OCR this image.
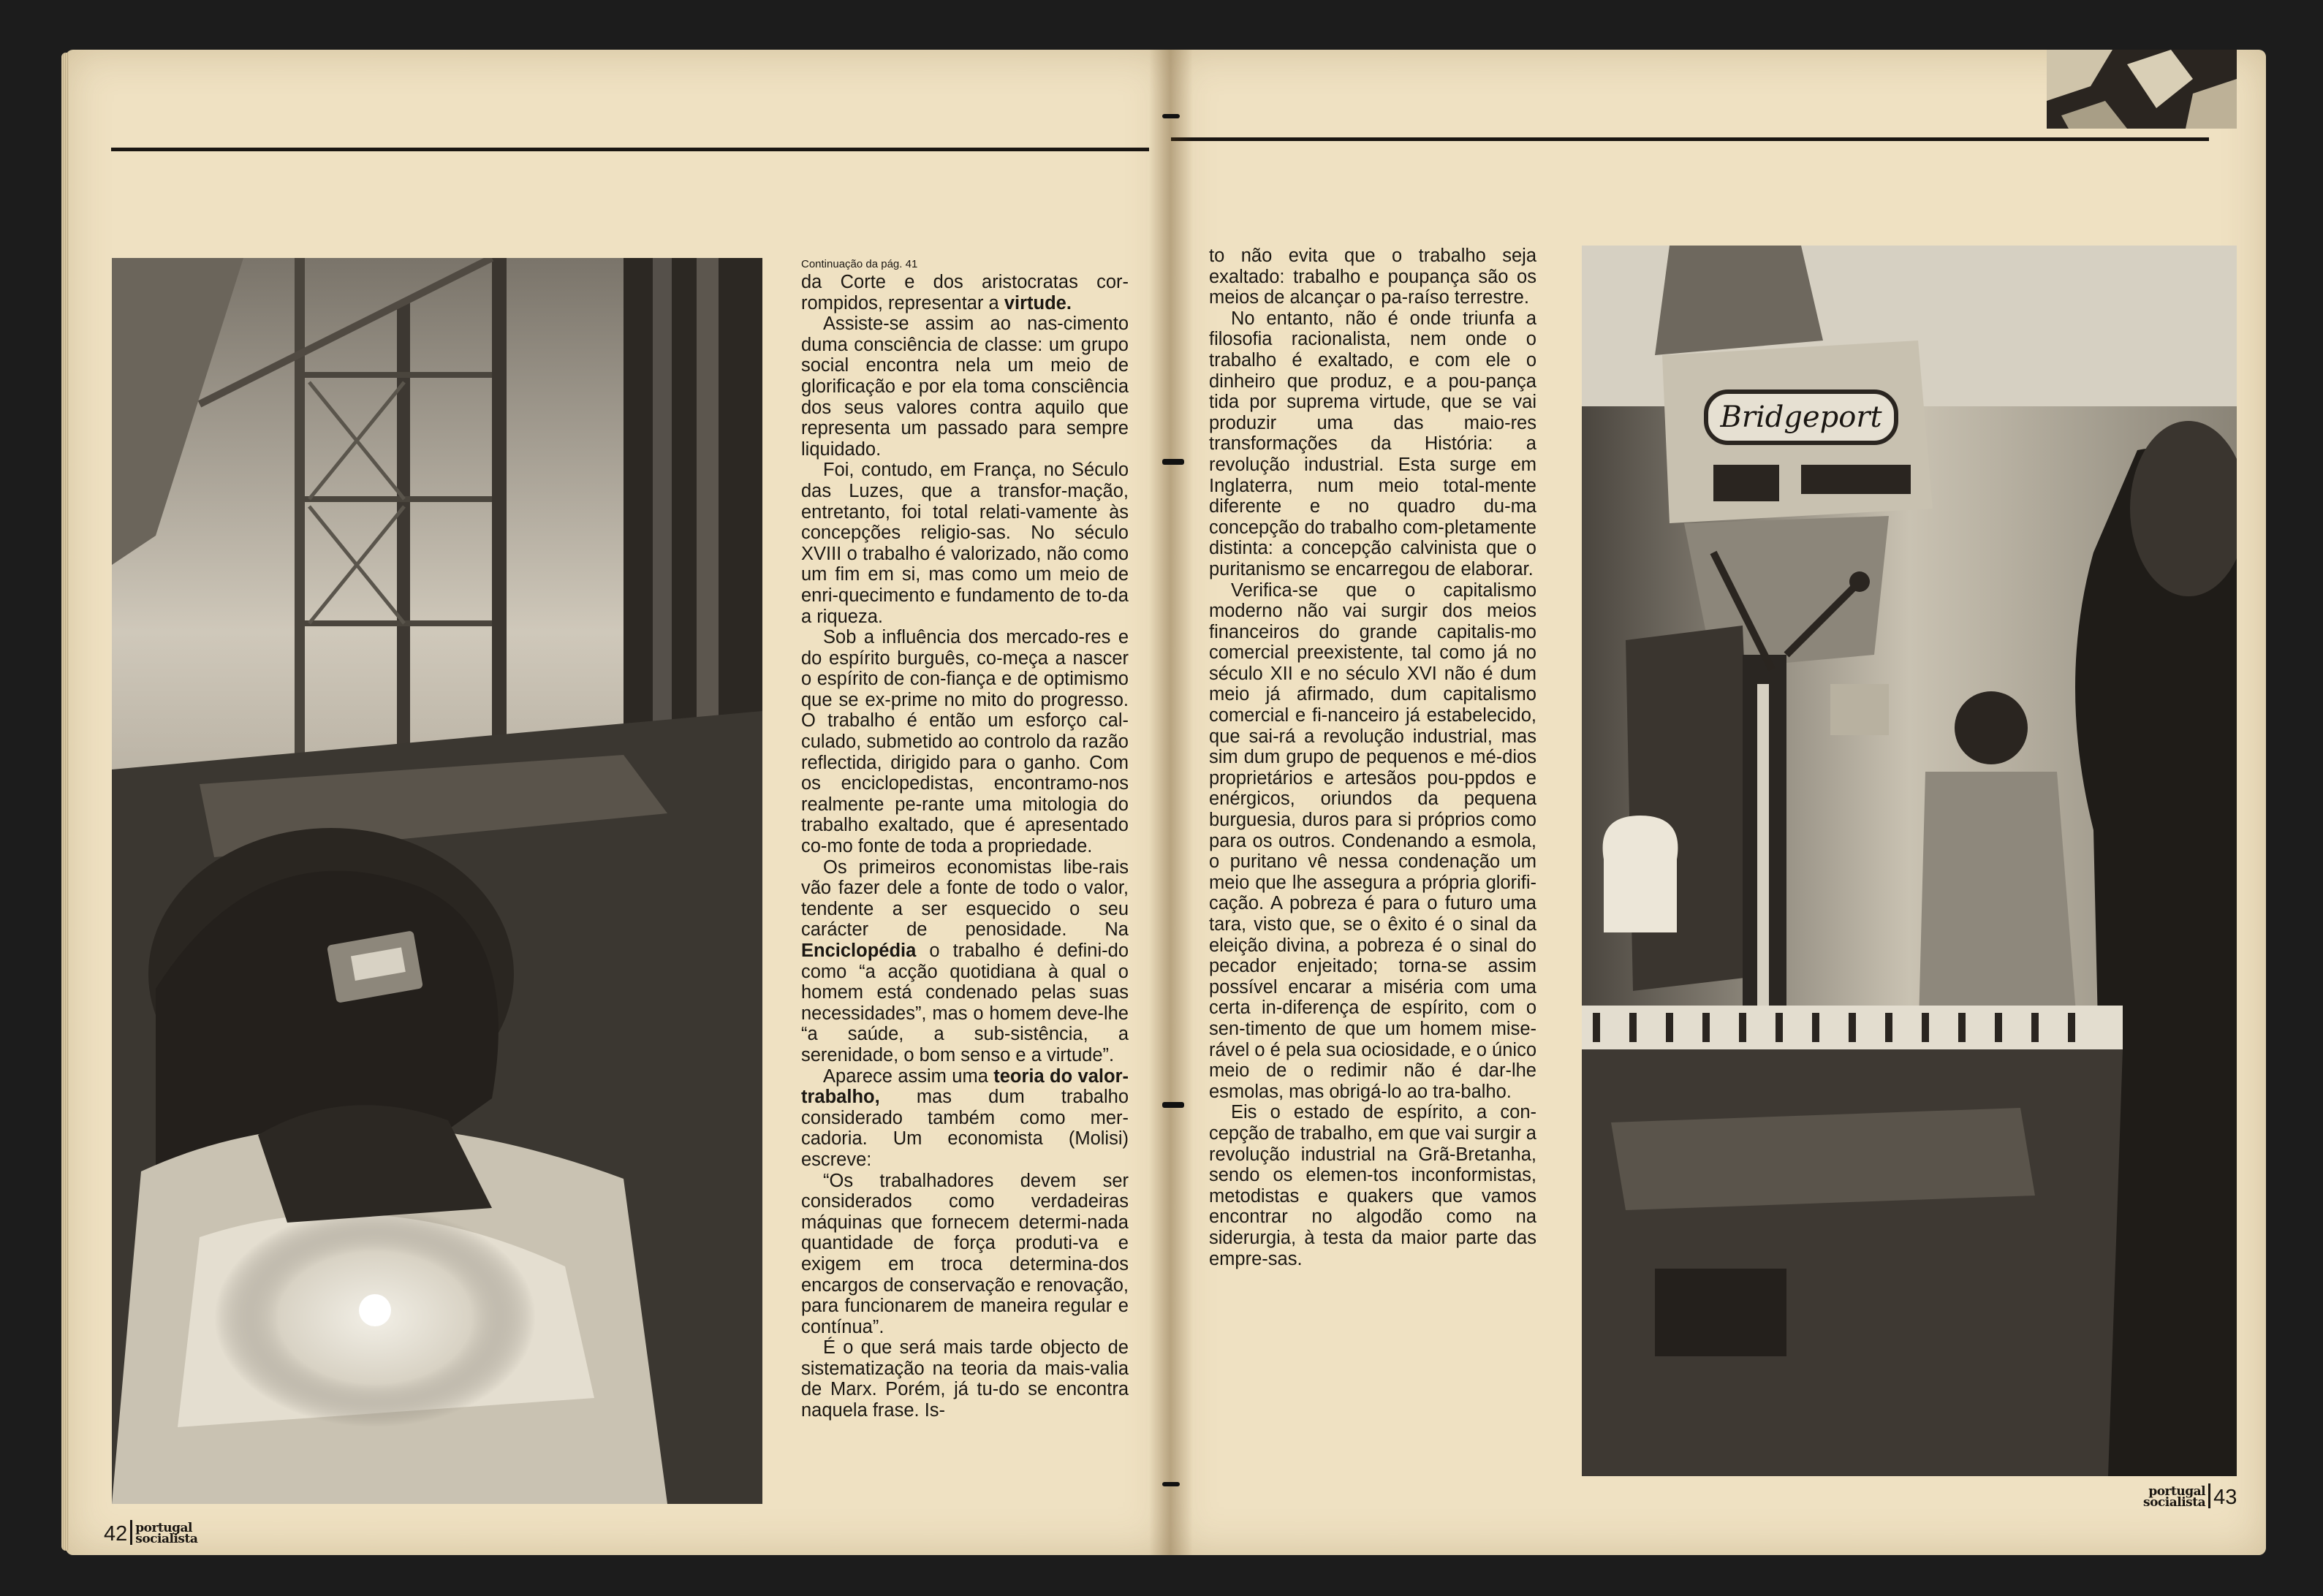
Continuação da pág. 41

da Corte e dos aristocratas cor-rompidos, representar a virtude.

Assiste-se assim ao nas-cimento duma consciência de classe: um grupo social encontra nela um meio de glorificação e por ela toma consciência dos seus valores contra aquilo que representa um passado para sempre liquidado.

Foi, contudo, em França, no Século das Luzes, que a transfor-mação, entretanto, foi total relati-vamente às concepções religio-sas. No século XVIII o trabalho é valorizado, não como um fim em si, mas como um meio de enri-quecimento e fundamento de to-da a riqueza.

Sob a influência dos mercado-res e do espírito burguês, co-meça a nascer o espírito de con-fiança e de optimismo que se ex-prime no mito do progresso. O trabalho é então um esforço cal-culado, submetido ao controlo da razão reflectida, dirigido para o ganho. Com os enciclopedistas, encontramo-nos realmente pe-rante uma mitologia do trabalho exaltado, que é apresentado co-mo fonte de toda a propriedade.

Os primeiros economistas libe-rais vão fazer dele a fonte de todo o valor, tendente a ser esquecido o seu carácter de penosidade. Na Enciclopédia o trabalho é defini-do como “a acção quotidiana à qual o homem está condenado pelas suas necessidades”, mas o homem deve-lhe “a saúde, a sub-sistência, a serenidade, o bom senso e a virtude”.

Aparece assim uma teoria do valor-trabalho, mas dum trabalho considerado também como mer-cadoria. Um economista (Molisi) escreve:

“Os trabalhadores devem ser considerados como verdadeiras máquinas que fornecem determi-nada quantidade de força produti-va e exigem em troca determina-dos encargos de conservação e renovação, para funcionarem de maneira regular e contínua”.

É o que será mais tarde objecto de sistematização na teoria da mais-valia de Marx. Porém, já tu-do se encontra naquela frase. Is-

42 portugal
socialista

to não evita que o trabalho seja exaltado: trabalho e poupança são os meios de alcançar o pa-raíso terrestre.

No entanto, não é onde triunfa a filosofia racionalista, nem onde o trabalho é exaltado, e com ele o dinheiro que produz, e a pou-pança tida por suprema virtude, que se vai produzir uma das maio-res transformações da História: a revolução industrial. Esta surge em Inglaterra, num meio total-mente diferente e no quadro du-ma concepção do trabalho com-pletamente distinta: a concepção calvinista que o puritanismo se encarregou de elaborar.

Verifica-se que o capitalismo moderno não vai surgir dos meios financeiros do grande capitalis-mo comercial preexistente, tal como já no século XII e no século XVI não é dum meio já afirmado, dum capitalismo comercial e fi-nanceiro já estabelecido, que sai-rá a revolução industrial, mas sim dum grupo de pequenos e mé-dios proprietários e artesãos pou-ppdos e enérgicos, oriundos da pequena burguesia, duros para si próprios como para os outros. Condenando a esmola, o puritano vê nessa condenação um meio que lhe assegura a própria glorifi-cação. A pobreza é para o futuro uma tara, visto que, se o êxito é o sinal da eleição divina, a pobreza é o sinal do pecador enjeitado; torna-se assim possível encarar a miséria com uma certa in-diferença de espírito, com o sen-timento de que um homem mise-rável o é pela sua ociosidade, e o único meio de o redimir não é dar-lhe esmolas, mas obrigá-lo ao tra-balho.

Eis o estado de espírito, a con-cepção de trabalho, em que vai surgir a revolução industrial na Grã-Bretanha, sendo os elemen-tos inconformistas, metodistas e quakers que vamos encontrar no algodão como na siderurgia, à testa da maior parte das empre-sas.

Bridgeport
portugal
socialista 43
